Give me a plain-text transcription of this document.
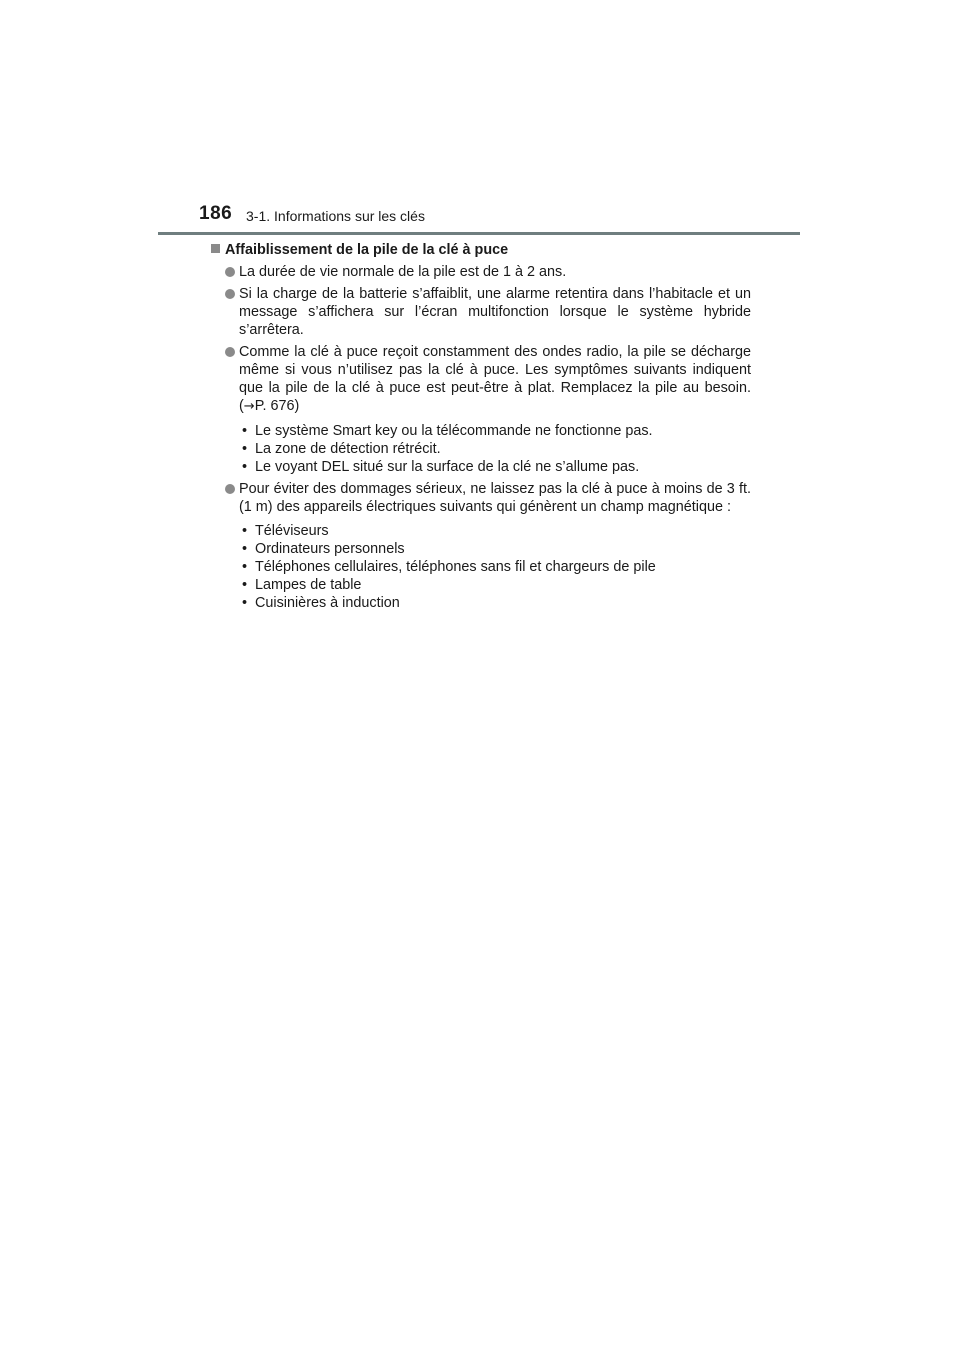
186 3-1. Informations sur les clés
Affaiblissement de la pile de la clé à puce
La durée de vie normale de la pile est de 1 à 2 ans.
Si la charge de la batterie s’affaiblit, une alarme retentira dans l’habitacle et un message s’affichera sur l’écran multifonction lorsque le système hybride s’arrêtera.
Comme la clé à puce reçoit constamment des ondes radio, la pile se décharge même si vous n’utilisez pas la clé à puce. Les symptômes suivants indiquent que la pile de la clé à puce est peut-être à plat. Remplacez la pile au besoin. (→P. 676)
• Le système Smart key ou la télécommande ne fonctionne pas.
• La zone de détection rétrécit.
• Le voyant DEL situé sur la surface de la clé ne s’allume pas.
Pour éviter des dommages sérieux, ne laissez pas la clé à puce à moins de 3 ft. (1 m) des appareils électriques suivants qui génèrent un champ magnétique :
• Téléviseurs
• Ordinateurs personnels
• Téléphones cellulaires, téléphones sans fil et chargeurs de pile
• Lampes de table
• Cuisinières à induction
